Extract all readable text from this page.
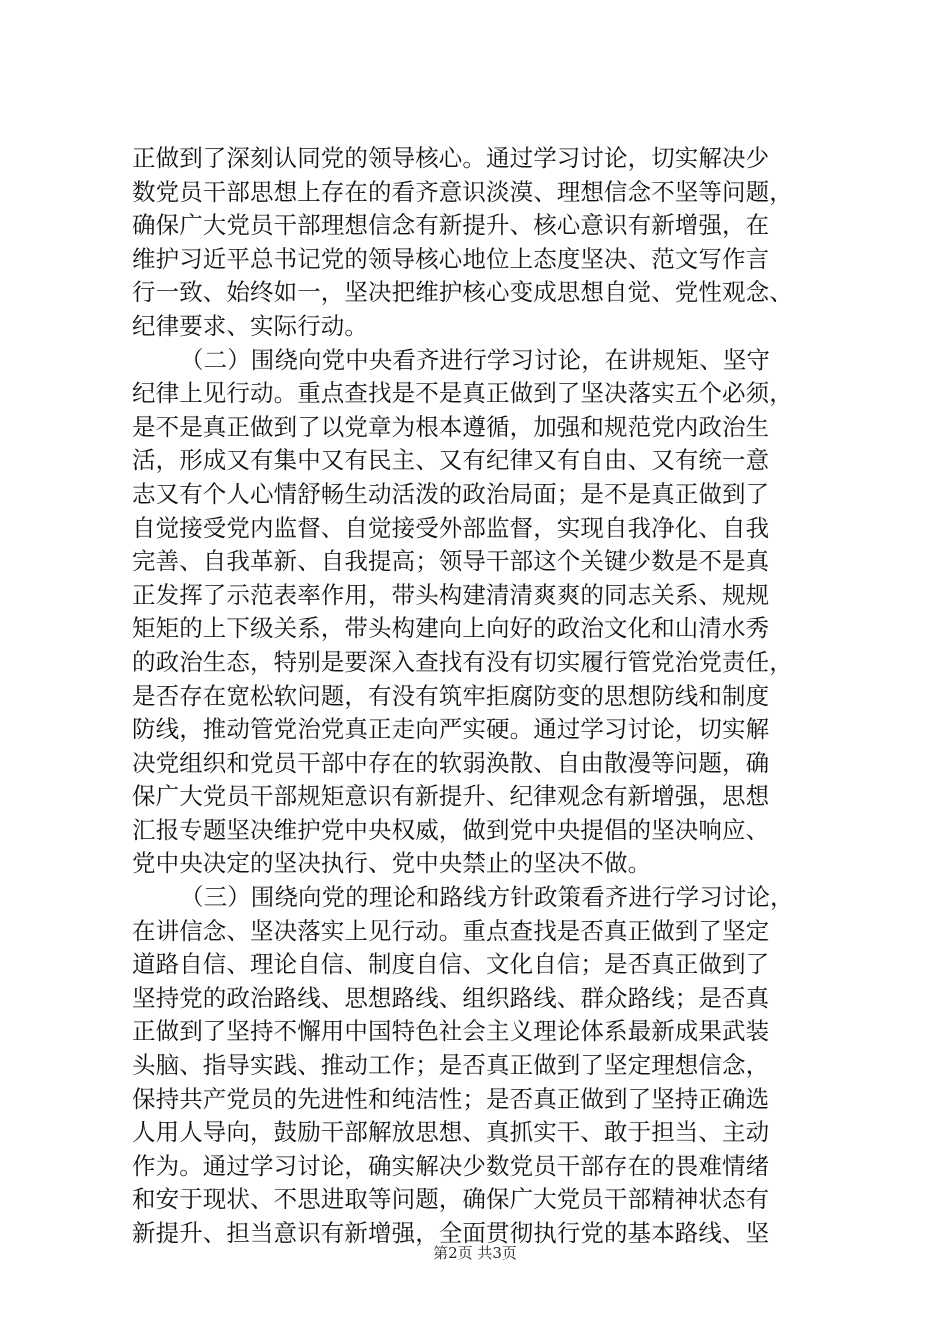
正做到了深刻认同党的领导核心。通过学习讨论，切实解决少
数党员干部思想上存在的看齐意识淡漠、理想信念不坚等问题，
确保广大党员干部理想信念有新提升、核心意识有新增强，在
维护习近平总书记党的领导核心地位上态度坚决、范文写作言
行一致、始终如一，坚决把维护核心变成思想自觉、党性观念、
纪律要求、实际行动。
（二）围绕向党中央看齐进行学习讨论，在讲规矩、坚守
纪律上见行动。重点查找是不是真正做到了坚决落实五个必须，
是不是真正做到了以党章为根本遵循，加强和规范党内政治生
活，形成又有集中又有民主、又有纪律又有自由、又有统一意
志又有个人心情舒畅生动活泼的政治局面；是不是真正做到了
自觉接受党内监督、自觉接受外部监督，实现自我净化、自我
完善、自我革新、自我提高；领导干部这个关键少数是不是真
正发挥了示范表率作用，带头构建清清爽爽的同志关系、规规
矩矩的上下级关系，带头构建向上向好的政治文化和山清水秀
的政治生态，特别是要深入查找有没有切实履行管党治党责任，
是否存在宽松软问题，有没有筑牢拒腐防变的思想防线和制度
防线，推动管党治党真正走向严实硬。通过学习讨论，切实解
决党组织和党员干部中存在的软弱涣散、自由散漫等问题，确
保广大党员干部规矩意识有新提升、纪律观念有新增强，思想
汇报专题坚决维护党中央权威，做到党中央提倡的坚决响应、
党中央决定的坚决执行、党中央禁止的坚决不做。
（三）围绕向党的理论和路线方针政策看齐进行学习讨论，
在讲信念、坚决落实上见行动。重点查找是否真正做到了坚定
道路自信、理论自信、制度自信、文化自信；是否真正做到了
坚持党的政治路线、思想路线、组织路线、群众路线；是否真
正做到了坚持不懈用中国特色社会主义理论体系最新成果武装
头脑、指导实践、推动工作；是否真正做到了坚定理想信念，
保持共产党员的先进性和纯洁性；是否真正做到了坚持正确选
人用人导向，鼓励干部解放思想、真抓实干、敢于担当、主动
作为。通过学习讨论，确实解决少数党员干部存在的畏难情绪
和安于现状、不思进取等问题，确保广大党员干部精神状态有
新提升、担当意识有新增强，全面贯彻执行党的基本路线、坚
第2页 共3页
